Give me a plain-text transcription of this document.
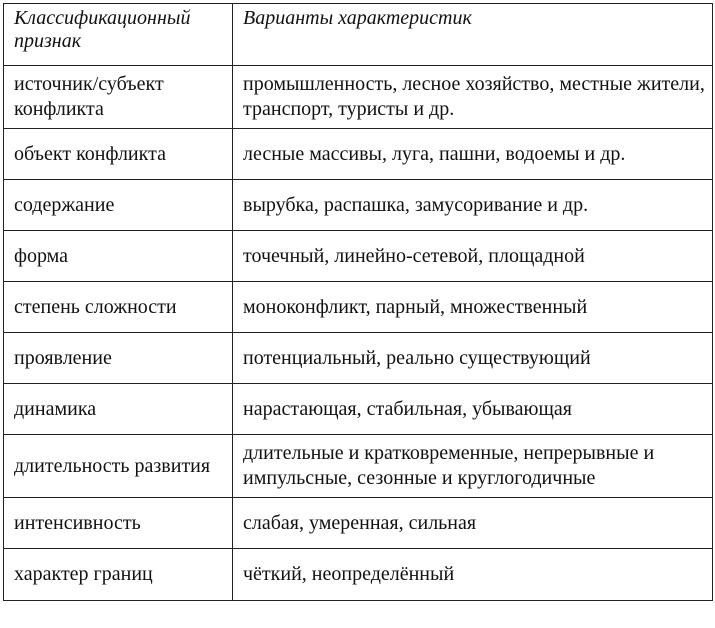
Классификационный признак	Варианты характеристик
источник/субъект конфликта	промышленность, лесное хозяйство, местные жители, транспорт, туристы и др.
объект конфликта	лесные массивы, луга, пашни, водоемы и др.
содержание	вырубка, распашка, замусоривание и др.
форма	точечный, линейно-сетевой, площадной
степень сложности	моноконфликт, парный, множественный
проявление	потенциальный, реально существующий
динамика	нарастающая, стабильная, убывающая
длительность развития	длительные и кратковременные, непрерывные и импульсные, сезонные и круглогодичные
интенсивность	слабая, умеренная, сильная
характер границ	чёткий, неопределённый
